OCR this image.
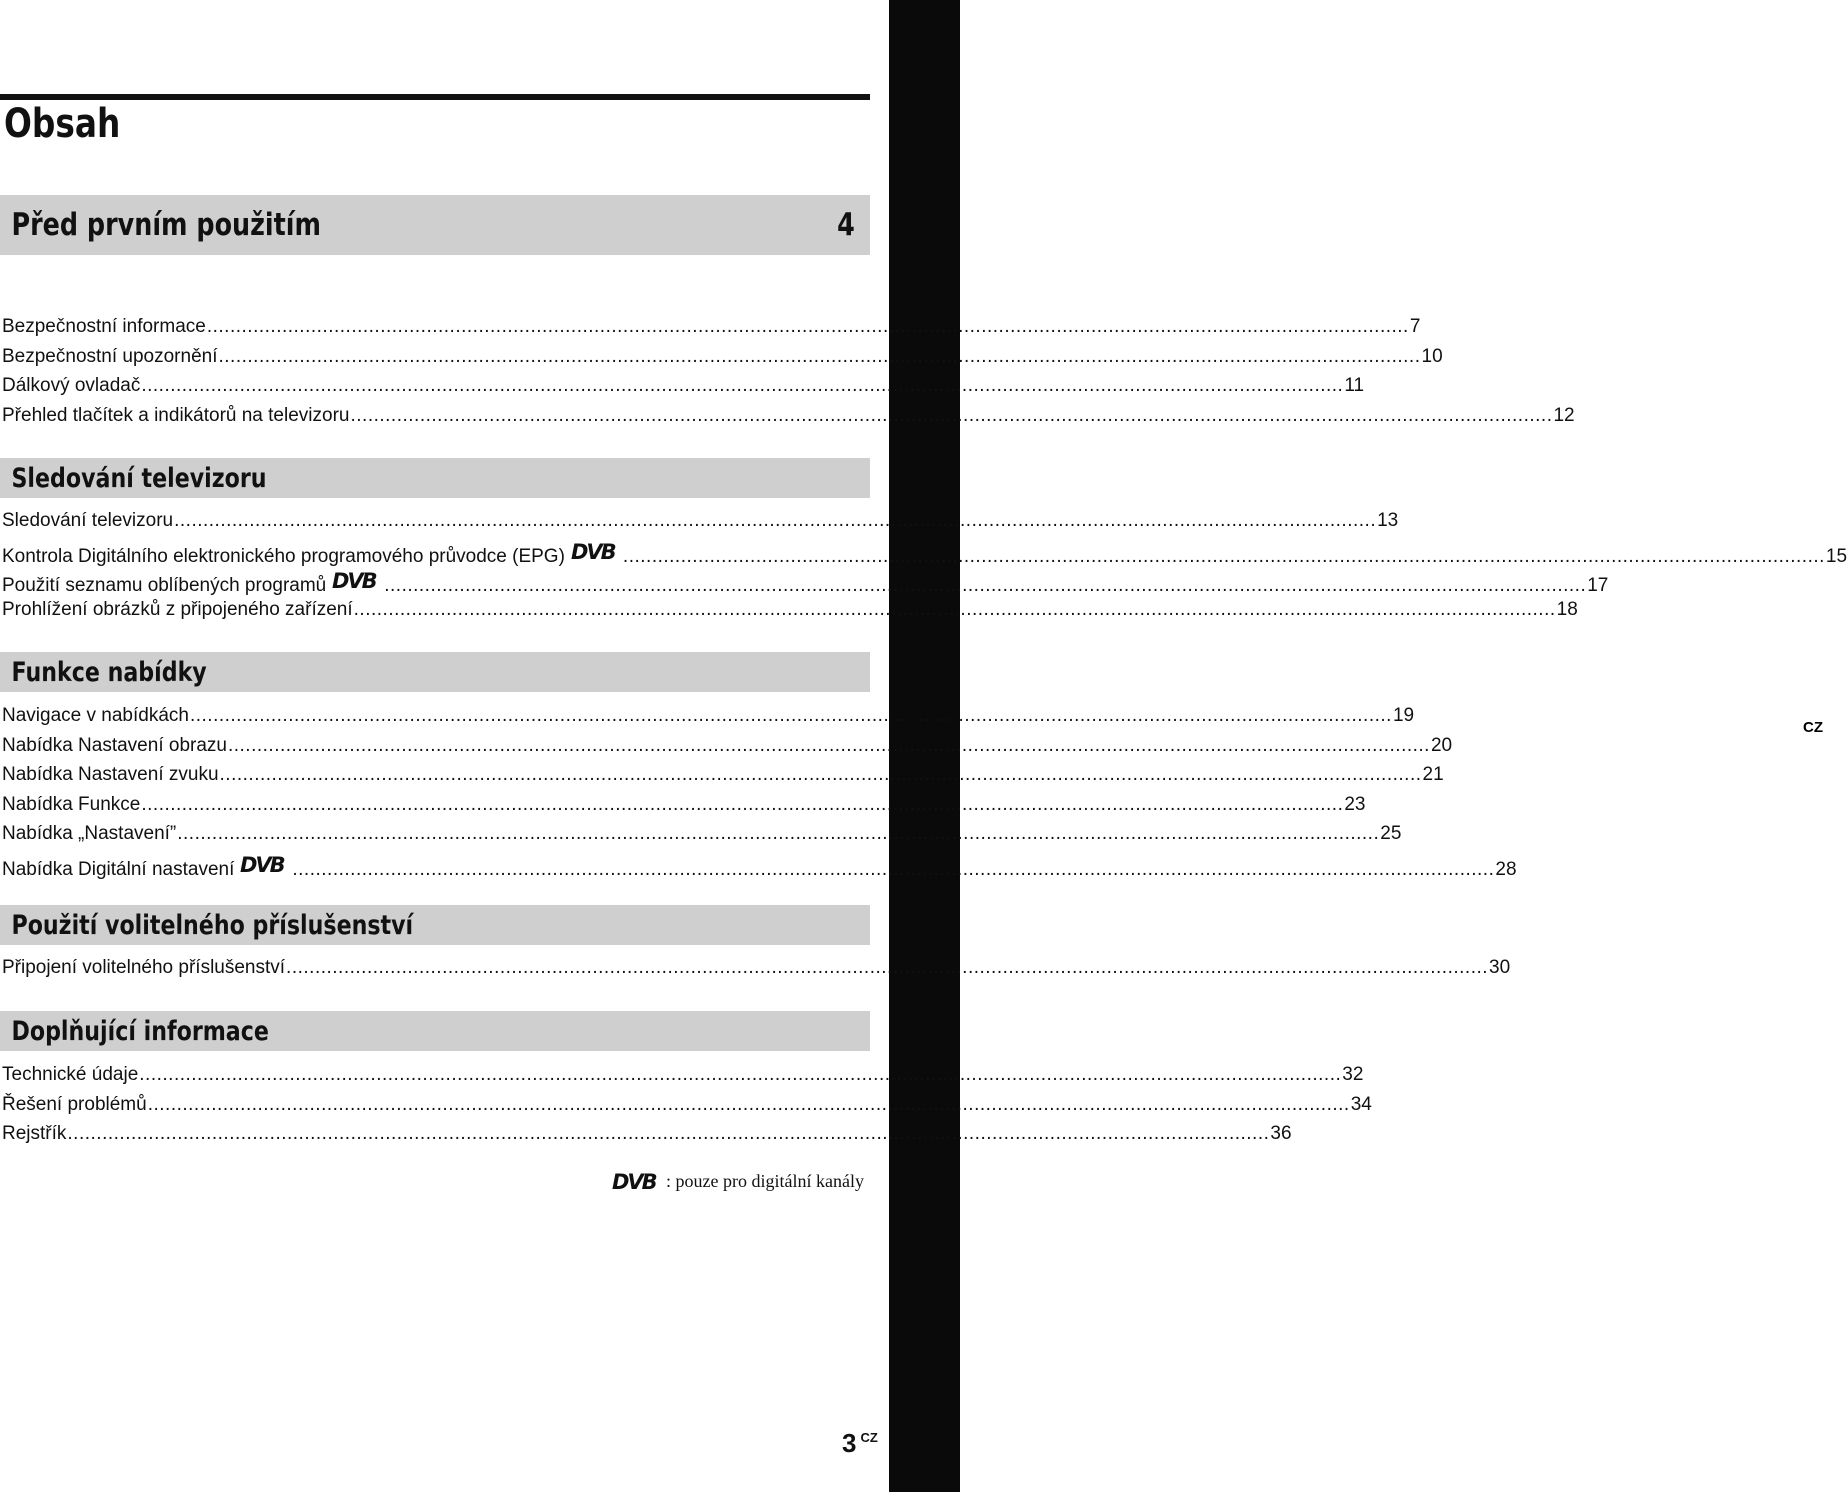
CZ
Obsah
Před prvním použitím	4
Bezpečnostní informace .....	7
Bezpečnostní upozornění .....	10
Dálkový ovladač .....	11
Přehled tlačítek a indikátorů na televizoru .....	12
Sledování televizoru
Sledování televizoru .....	13
Kontrola Digitálního elektronického programového průvodce (EPG) DVB .....	15
Použití seznamu oblíbených programů DVB .....	17
Prohlížení obrázků z připojeného zařízení .....	18
Funkce nabídky
Navigace v nabídkách .....	19
Nabídka Nastavení obrazu .....	20
Nabídka Nastavení zvuku .....	21
Nabídka Funkce .....	23
Nabídka „Nastavení” .....	25
Nabídka Digitální nastavení DVB .....	28
Použití volitelného příslušenství
Připojení volitelného příslušenství .....	30
Doplňující informace
Technické údaje .....	32
Řešení problémů .....	34
Rejstřík .....	36
DVB : pouze pro digitální kanály
3 CZ
